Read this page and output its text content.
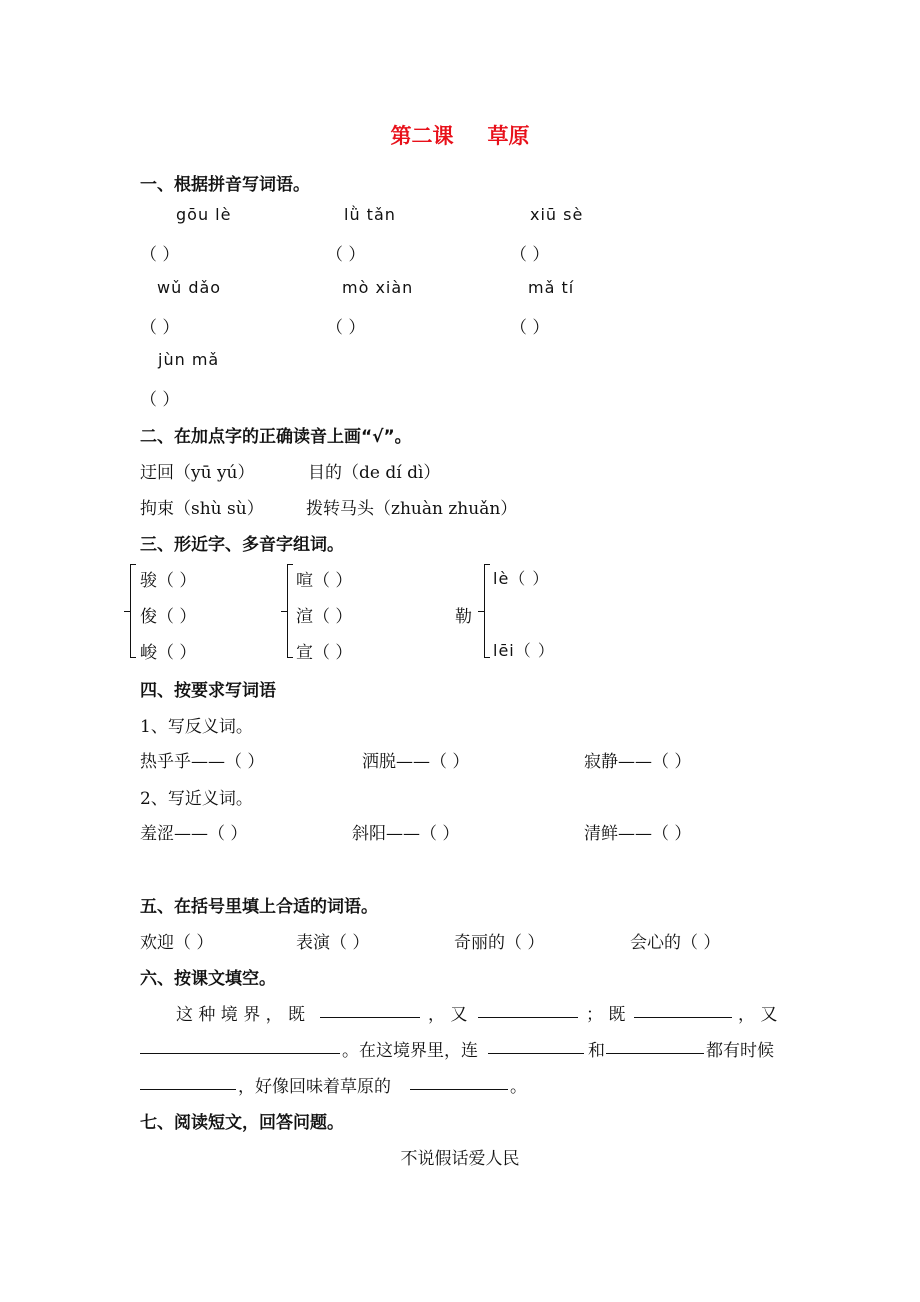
第二课 草原
一、根据拼音写词语。
gōu lè	lǜ tǎn	xiū sè
（ ）	（ ）	（ ）
wǔ dǎo	mò xiàn	mǎ tí
（ ）	（ ）	（ ）
jùn mǎ
（ ）
二、在加点字的正确读音上画“√”。
迂回（yū yú）	目的（de dí dì）
拘束（shù sù） 拨转马头（zhuàn zhuǎn）
三、形近字、多音字组词。
骏（ ）
俊（ ）
峻（ ）
喧（ ）
渲（ ）
宣（ ）
勒
lè（ ）
lēi（ ）
四、按要求写词语
1、写反义词。
热乎乎——（ ）	洒脱——（ ）	寂静——（ ）
2、写近义词。
羞涩——（ ）	斜阳——（ ）	清鲜——（ ）
五、在括号里填上合适的词语。
欢迎（ ）	表演（ ）	奇丽的（ ）	会心的（ ）
六、按课文填空。
这 种 境 界 ， 既	， 又	； 既	， 又
。在这境界里，连	和	都有时候
，好像回味着草原的	。
七、阅读短文，回答问题。
不说假话爱人民
